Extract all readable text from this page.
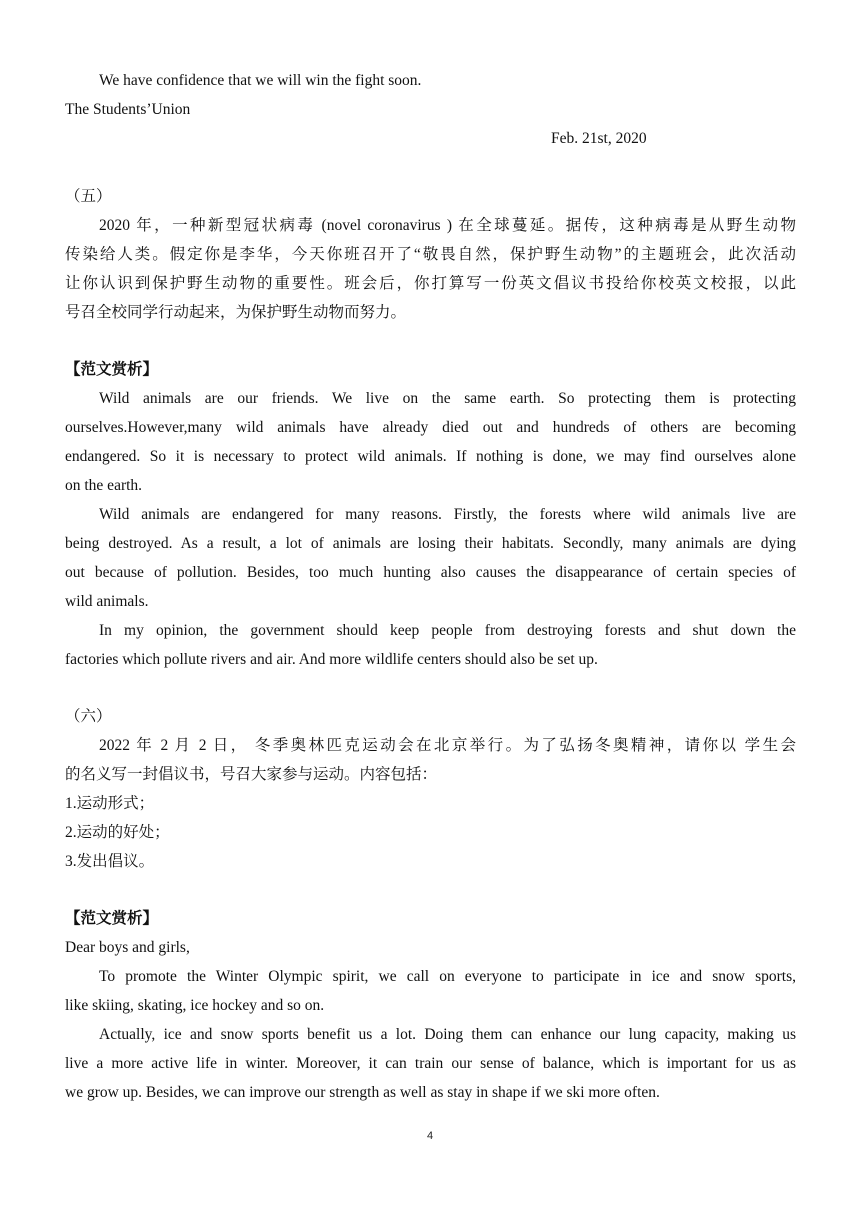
We have confidence that we will win the fight soon.
The Students’Union
Feb. 21st, 2020
（五）
2020 年，一种新型冠状病毒 (novel coronavirus ) 在全球蔓延。据传，这种病毒是从野生动物
传染给人类。假定你是李华，今天你班召开了“敬畏自然，保护野生动物”的主题班会，此次活动
让你认识到保护野生动物的重要性。班会后，你打算写一份英文倡议书投给你校英文校报，以此
号召全校同学行动起来，为保护野生动物而努力。
【范文赏析】
Wild animals are our friends. We live on the same earth. So protecting them is protecting
ourselves.However,many wild animals have already died out and hundreds of others are becoming
endangered. So it is necessary to protect wild animals. If nothing is done, we may find ourselves alone
on the earth.
Wild animals are endangered for many reasons. Firstly, the forests where wild animals live are
being destroyed. As a result, a lot of animals are losing their habitats. Secondly, many animals are dying
out because of pollution. Besides, too much hunting also causes the disappearance of certain species of
wild animals.
In my opinion, the government should keep people from destroying forests and shut down the
factories which pollute rivers and air. And more wildlife centers should also be set up.
（六）
2022 年 2 月 2 日， 冬季奥林匹克运动会在北京举行。为了弘扬冬奥精神，请你以 学生会
的名义写一封倡议书，号召大家参与运动。内容包括：
1.运动形式；
2.运动的好处；
3.发出倡议。
【范文赏析】
Dear boys and girls,
To promote the Winter Olympic spirit, we call on everyone to participate in ice and snow sports,
like skiing, skating, ice hockey and so on.
Actually, ice and snow sports benefit us a lot. Doing them can enhance our lung capacity, making us
live a more active life in winter. Moreover, it can train our sense of balance, which is important for us as
we grow up. Besides, we can improve our strength as well as stay in shape if we ski more often.
4
